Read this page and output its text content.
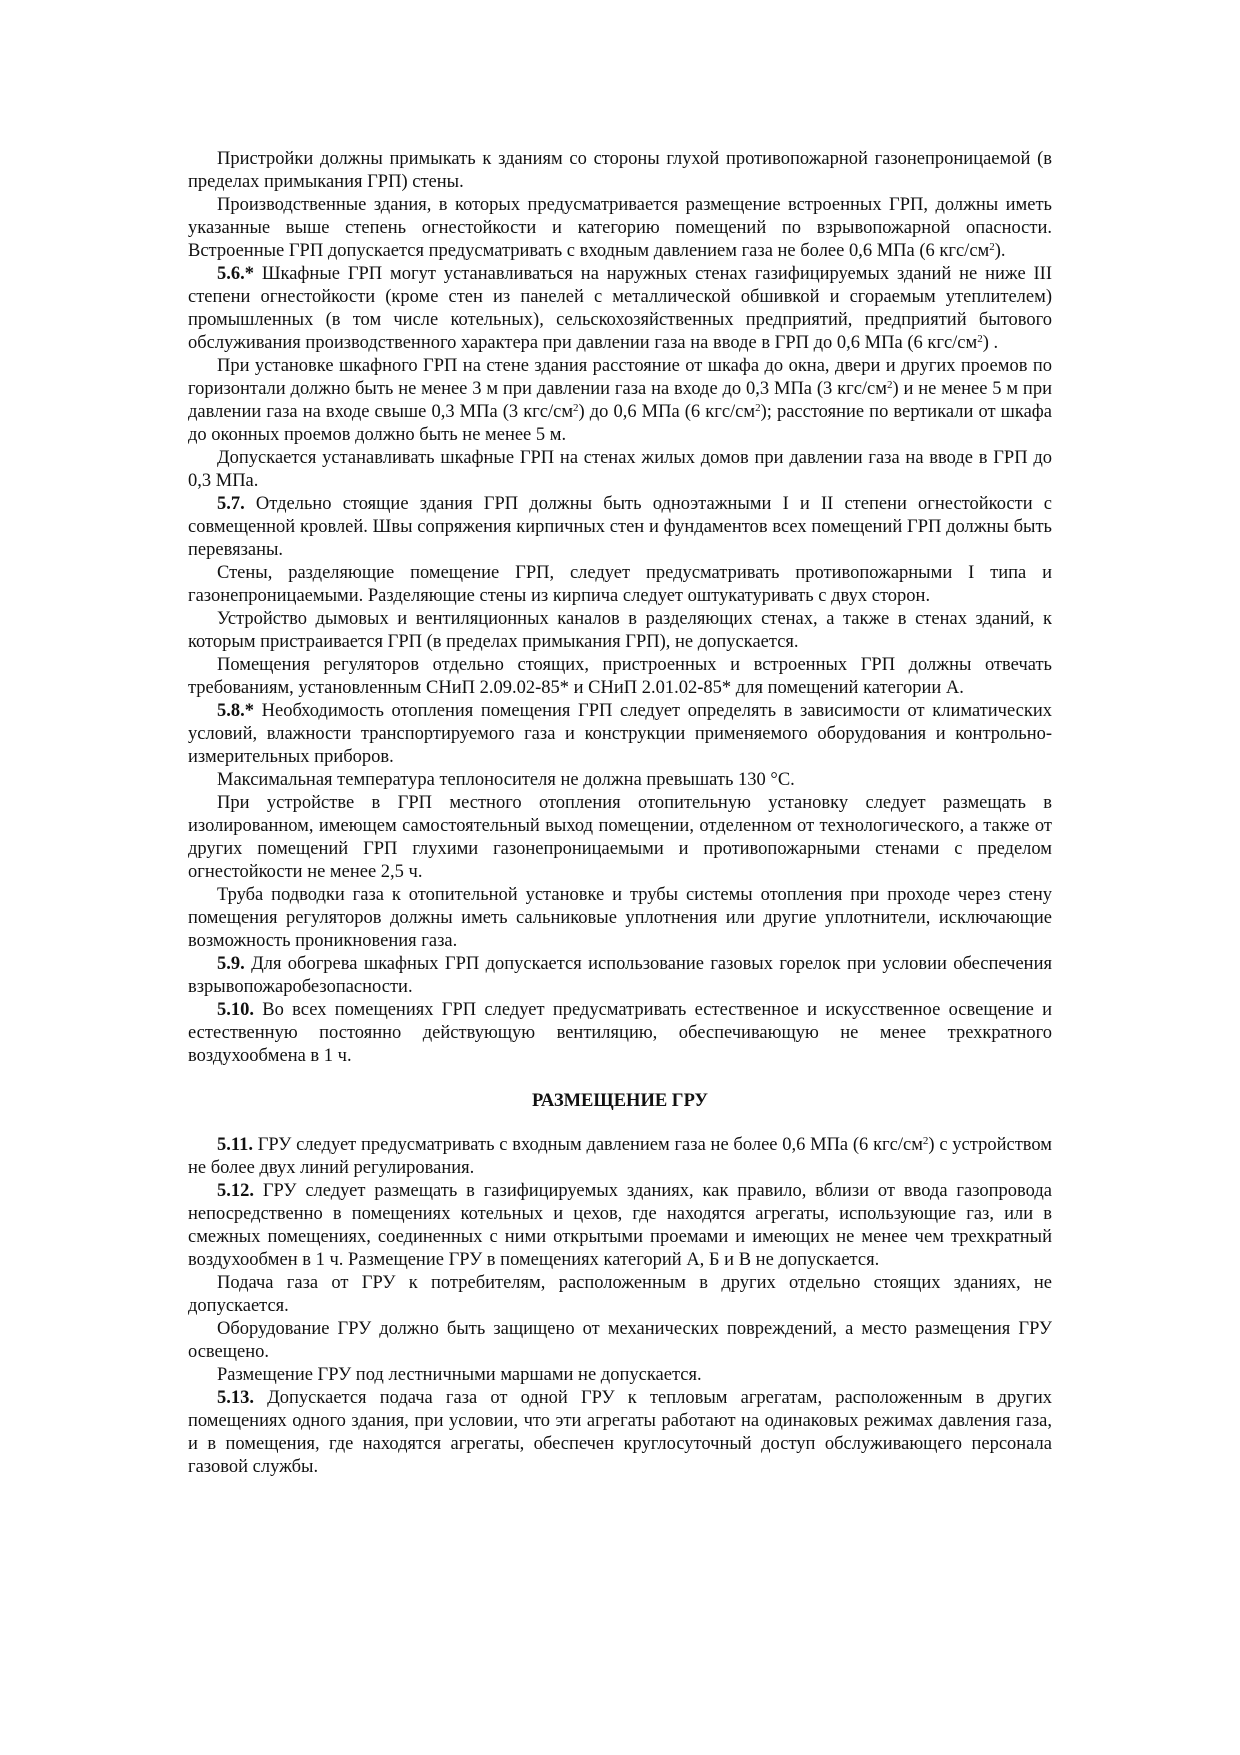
Пристройки должны примыкать к зданиям со стороны глухой противопожарной газонепроницаемой (в пределах примыкания ГРП) стены.

Производственные здания, в которых предусматривается размещение встроенных ГРП, должны иметь указанные выше степень огнестойкости и категорию помещений по взрывопожарной опасности. Встроенные ГРП допускается предусматривать с входным давлением газа не более 0,6 МПа (6 кгс/$см^2$).

5.6.* Шкафные ГРП могут устанавливаться на наружных стенах газифицируемых зданий не ниже III степени огнестойкости (кроме стен из панелей с металлической обшивкой и сгораемым утеплителем) промышленных (в том числе котельных), сельскохозяйственных предприятий, предприятий бытового обслуживания производственного характера при давлении газа на вводе в ГРП до 0,6 МПа (6 кгс/$см^2$) .

При установке шкафного ГРП на стене здания расстояние от шкафа до окна, двери и других проемов по горизонтали должно быть не менее 3 м при давлении газа на входе до 0,3 МПа (3 кгс/$см^2$) и не менее 5 м при давлении газа на входе свыше 0,3 МПа (3 кгс/$см^2$) до 0,6 МПа (6 кгс/$см^2$); расстояние по вертикали от шкафа до оконных проемов должно быть не менее 5 м.

Допускается устанавливать шкафные ГРП на стенах жилых домов при давлении газа на вводе в ГРП до 0,3 МПа.

5.7. Отдельно стоящие здания ГРП должны быть одноэтажными I и II степени огнестойкости с совмещенной кровлей. Швы сопряжения кирпичных стен и фундаментов всех помещений ГРП должны быть перевязаны.

Стены, разделяющие помещение ГРП, следует предусматривать противопожарными I типа и газонепроницаемыми. Разделяющие стены из кирпича следует оштукатуривать с двух сторон.

Устройство дымовых и вентиляционных каналов в разделяющих стенах, а также в стенах зданий, к которым пристраивается ГРП (в пределах примыкания ГРП), не допускается.

Помещения регуляторов отдельно стоящих, пристроенных и встроенных ГРП должны отвечать требованиям, установленным СНиП 2.09.02-85* и СНиП 2.01.02-85* для помещений категории А.

5.8.* Необходимость отопления помещения ГРП следует определять в зависимости от климатических условий, влажности транспортируемого газа и конструкции применяемого оборудования и контрольно-измерительных приборов.

Максимальная температура теплоносителя не должна превышать 130 °С.

При устройстве в ГРП местного отопления отопительную установку следует размещать в изолированном, имеющем самостоятельный выход помещении, отделенном от технологического, а также от других помещений ГРП глухими газонепроницаемыми и противопожарными стенами с пределом огнестойкости не менее 2,5 ч.

Труба подводки газа к отопительной установке и трубы системы отопления при проходе через стену помещения регуляторов должны иметь сальниковые уплотнения или другие уплотнители, исключающие возможность проникновения газа.

5.9. Для обогрева шкафных ГРП допускается использование газовых горелок при условии обеспечения взрывопожаробезопасности.

5.10. Во всех помещениях ГРП следует предусматривать естественное и искусственное освещение и естественную постоянно действующую вентиляцию, обеспечивающую не менее трехкратного воздухообмена в 1 ч.

РАЗМЕЩЕНИЕ ГРУ

5.11. ГРУ следует предусматривать с входным давлением газа не более 0,6 МПа (6 кгс/$см^2$) с устройством не более двух линий регулирования.

5.12. ГРУ следует размещать в газифицируемых зданиях, как правило, вблизи от ввода газопровода непосредственно в помещениях котельных и цехов, где находятся агрегаты, использующие газ, или в смежных помещениях, соединенных с ними открытыми проемами и имеющих не менее чем трехкратный воздухообмен в 1 ч. Размещение ГРУ в помещениях категорий А, Б и В не допускается.

Подача газа от ГРУ к потребителям, расположенным в других отдельно стоящих зданиях, не допускается.

Оборудование ГРУ должно быть защищено от механических повреждений, а место размещения ГРУ освещено.

Размещение ГРУ под лестничными маршами не допускается.

5.13. Допускается подача газа от одной ГРУ к тепловым агрегатам, расположенным в других помещениях одного здания, при условии, что эти агрегаты работают на одинаковых режимах давления газа, и в помещения, где находятся агрегаты, обеспечен круглосуточный доступ обслуживающего персонала газовой службы.
